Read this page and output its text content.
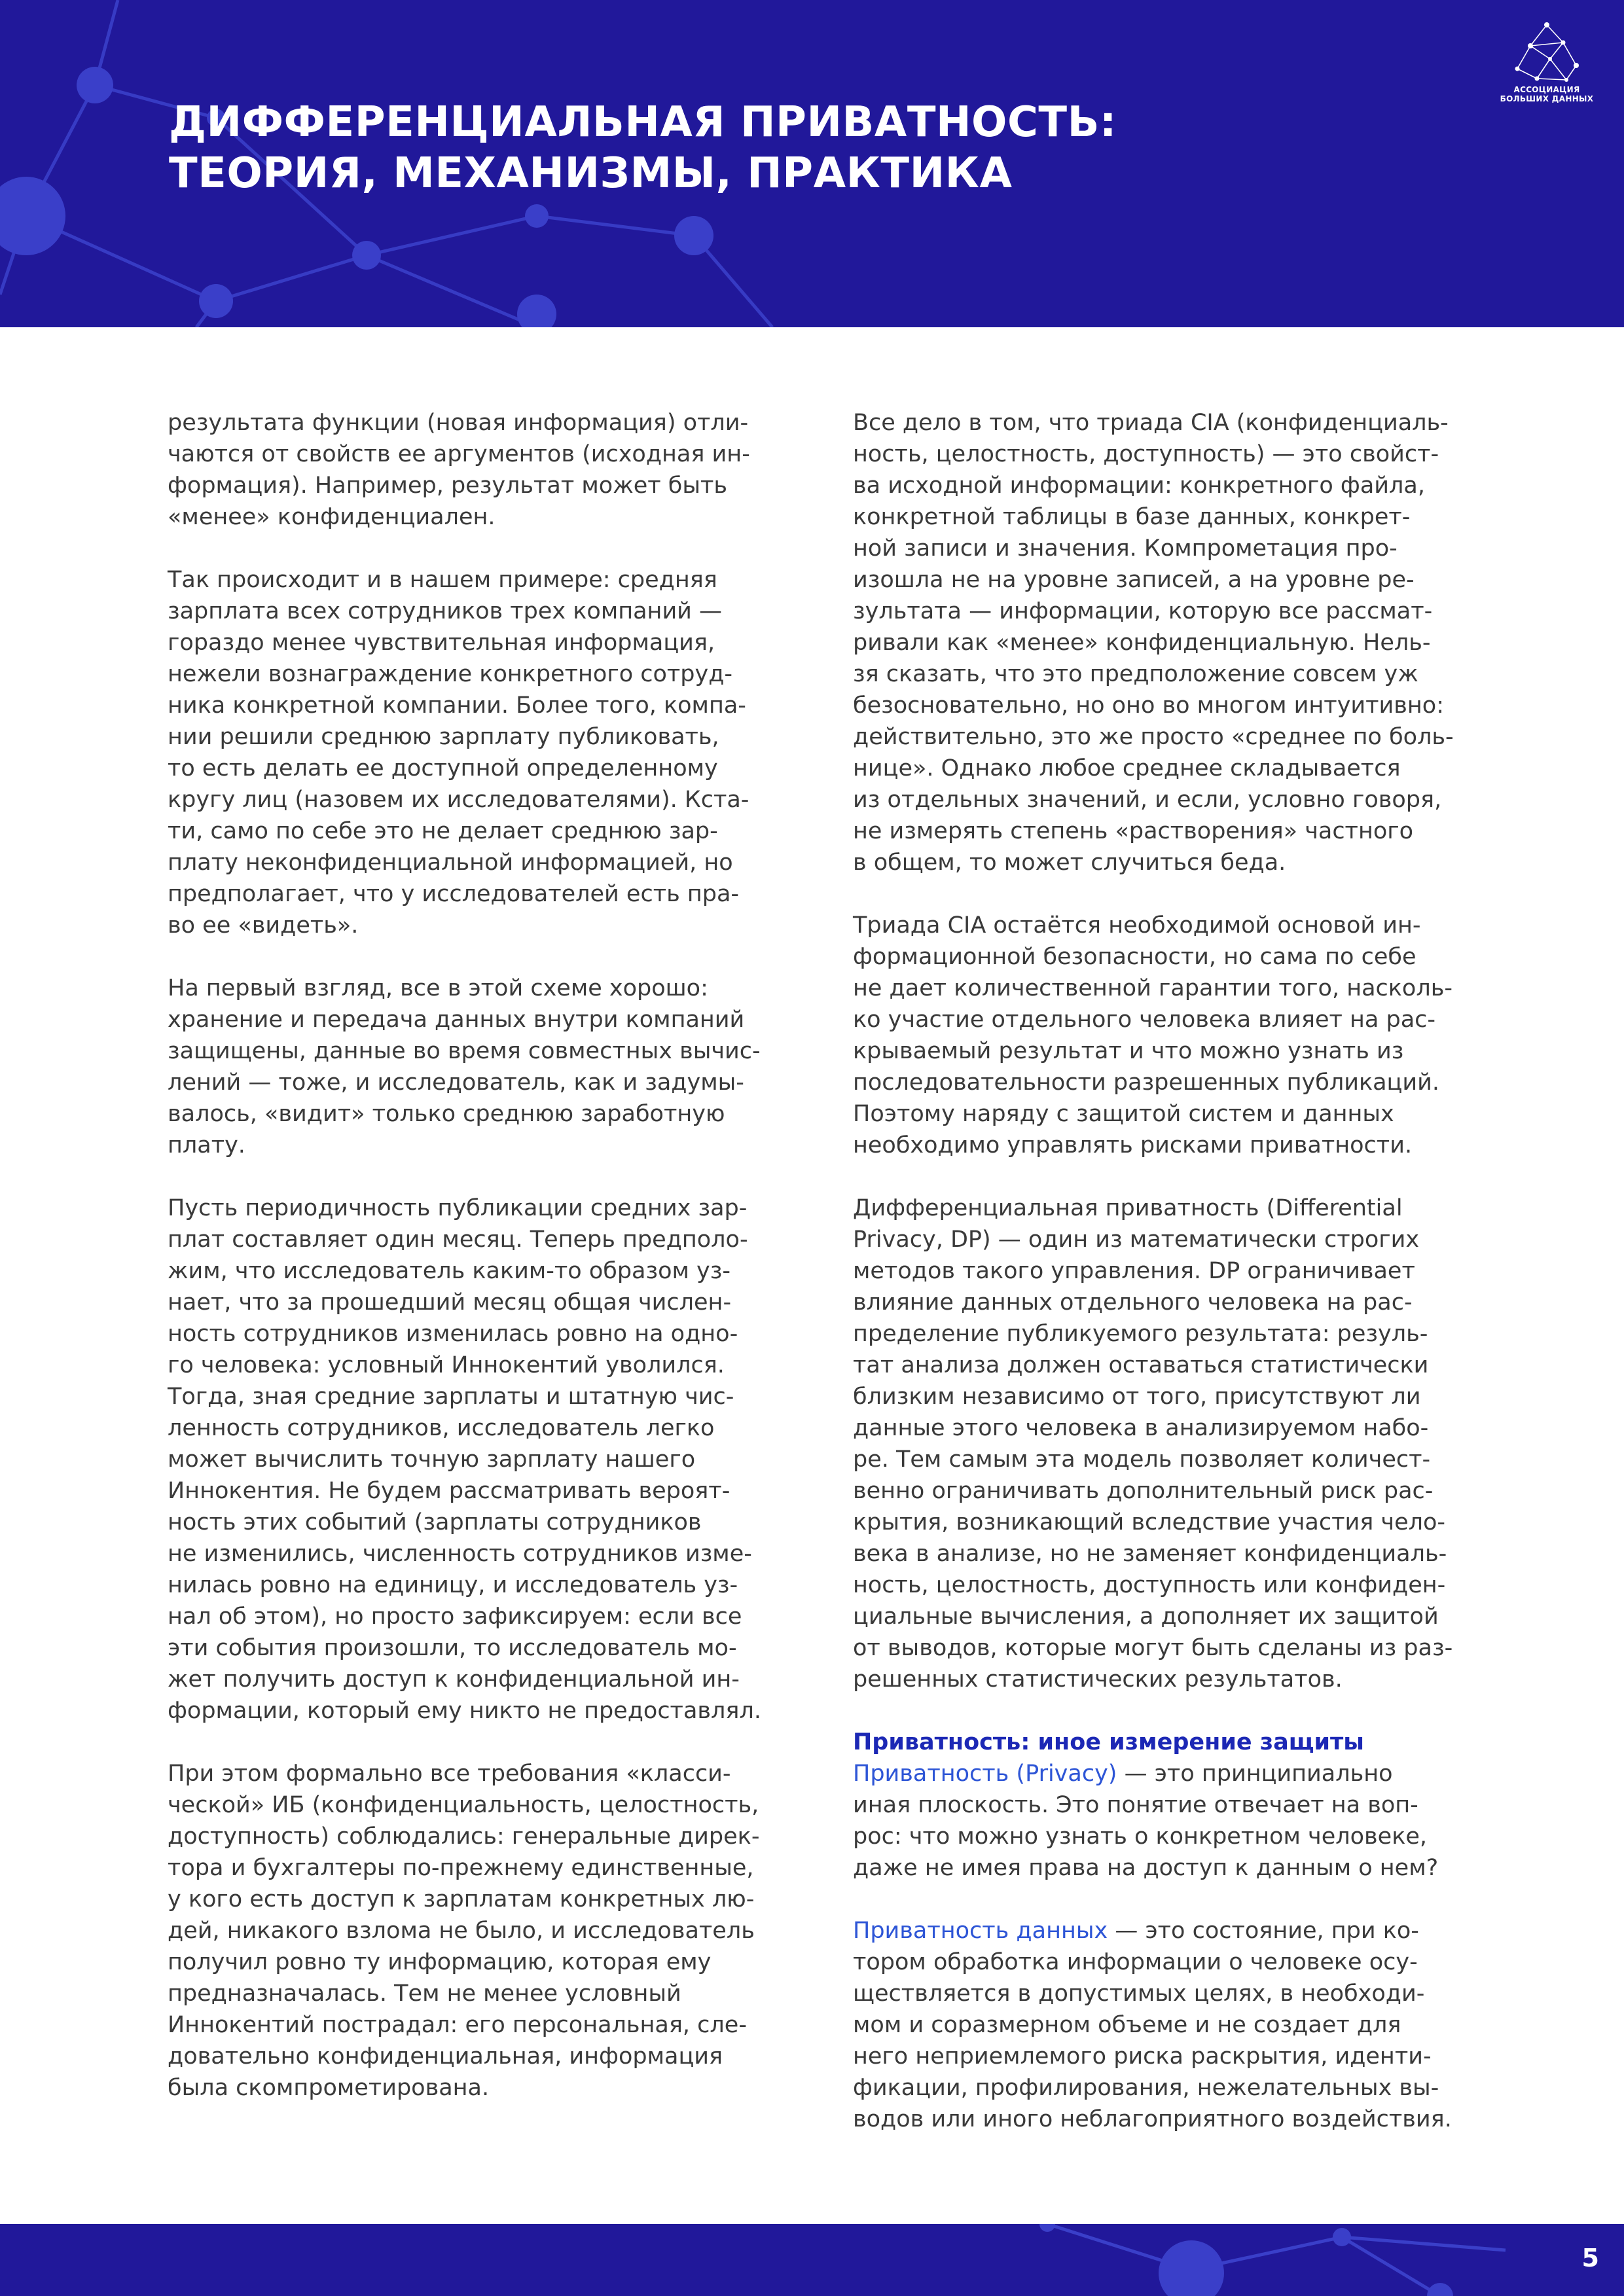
ДИФФЕРЕНЦИАЛЬНАЯ ПРИВАТНОСТЬ:
ТЕОРИЯ, МЕХАНИЗМЫ, ПРАКТИКА
АССОЦИАЦИЯ
БОЛЬШИХ ДАННЫХ

результата функции (новая информация) отли-
чаются от свойств ее аргументов (исходная ин-
формация). Например, результат может быть
«менее» конфиденциален.

Так происходит и в нашем примере: средняя
зарплата всех сотрудников трех компаний —
гораздо менее чувствительная информация,
нежели вознаграждение конкретного сотруд-
ника конкретной компании. Более того, компа-
нии решили среднюю зарплату публиковать,
то есть делать ее доступной определенному
кругу лиц (назовем их исследователями). Кста-
ти, само по себе это не делает среднюю зар-
плату неконфиденциальной информацией, но
предполагает, что у исследователей есть пра-
во ее «видеть».

На первый взгляд, все в этой схеме хорошо:
хранение и передача данных внутри компаний
защищены, данные во время совместных вычис-
лений — тоже, и исследователь, как и задумы-
валось, «видит» только среднюю заработную
плату.

Пусть периодичность публикации средних зар-
плат составляет один месяц. Теперь предполо-
жим, что исследователь каким-то образом уз-
нает, что за прошедший месяц общая числен-
ность сотрудников изменилась ровно на одно-
го человека: условный Иннокентий уволился.
Тогда, зная средние зарплаты и штатную чис-
ленность сотрудников, исследователь легко
может вычислить точную зарплату нашего
Иннокентия. Не будем рассматривать вероят-
ность этих событий (зарплаты сотрудников
не изменились, численность сотрудников изме-
нилась ровно на единицу, и исследователь уз-
нал об этом), но просто зафиксируем: если все
эти события произошли, то исследователь мо-
жет получить доступ к конфиденциальной ин-
формации, который ему никто не предоставлял.

При этом формально все требования «класси-
ческой» ИБ (конфиденциальность, целостность,
доступность) соблюдались: генеральные дирек-
тора и бухгалтеры по-прежнему единственные,
у кого есть доступ к зарплатам конкретных лю-
дей, никакого взлома не было, и исследователь
получил ровно ту информацию, которая ему
предназначалась. Тем не менее условный
Иннокентий пострадал: его персональная, сле-
довательно конфиденциальная, информация
была скомпрометирована.

Все дело в том, что триада CIA (конфиденциаль-
ность, целостность, доступность) — это свойст-
ва исходной информации: конкретного файла,
конкретной таблицы в базе данных, конкрет-
ной записи и значения. Компрометация про-
изошла не на уровне записей, а на уровне ре-
зультата — информации, которую все рассмат-
ривали как «менее» конфиденциальную. Нель-
зя сказать, что это предположение совсем уж
безосновательно, но оно во многом интуитивно:
действительно, это же просто «среднее по боль-
нице». Однако любое среднее складывается
из отдельных значений, и если, условно говоря,
не измерять степень «растворения» частного
в общем, то может случиться беда.

Триада CIA остаётся необходимой основой ин-
формационной безопасности, но сама по себе
не дает количественной гарантии того, насколь-
ко участие отдельного человека влияет на рас-
крываемый результат и что можно узнать из
последовательности разрешенных публикаций.
Поэтому наряду с защитой систем и данных
необходимо управлять рисками приватности.

Дифференциальная приватность (Differential
Privacy, DP) — один из математически строгих
методов такого управления. DP ограничивает
влияние данных отдельного человека на рас-
пределение публикуемого результата: резуль-
тат анализа должен оставаться статистически
близким независимо от того, присутствуют ли
данные этого человека в анализируемом набо-
ре. Тем самым эта модель позволяет количест-
венно ограничивать дополнительный риск рас-
крытия, возникающий вследствие участия чело-
века в анализе, но не заменяет конфиденциаль-
ность, целостность, доступность или конфиден-
циальные вычисления, а дополняет их защитой
от выводов, которые могут быть сделаны из раз-
решенных статистических результатов.

Приватность: иное измерение защиты

Приватность (Privacy) — это принципиально
иная плоскость. Это понятие отвечает на воп-
рос: что можно узнать о конкретном человеке,
даже не имея права на доступ к данным о нем?

Приватность данных — это состояние, при ко-
тором обработка информации о человеке осу-
ществляется в допустимых целях, в необходи-
мом и соразмерном объеме и не создает для
него неприемлемого риска раскрытия, иденти-
фикации, профилирования, нежелательных вы-
водов или иного неблагоприятного воздействия.

5
